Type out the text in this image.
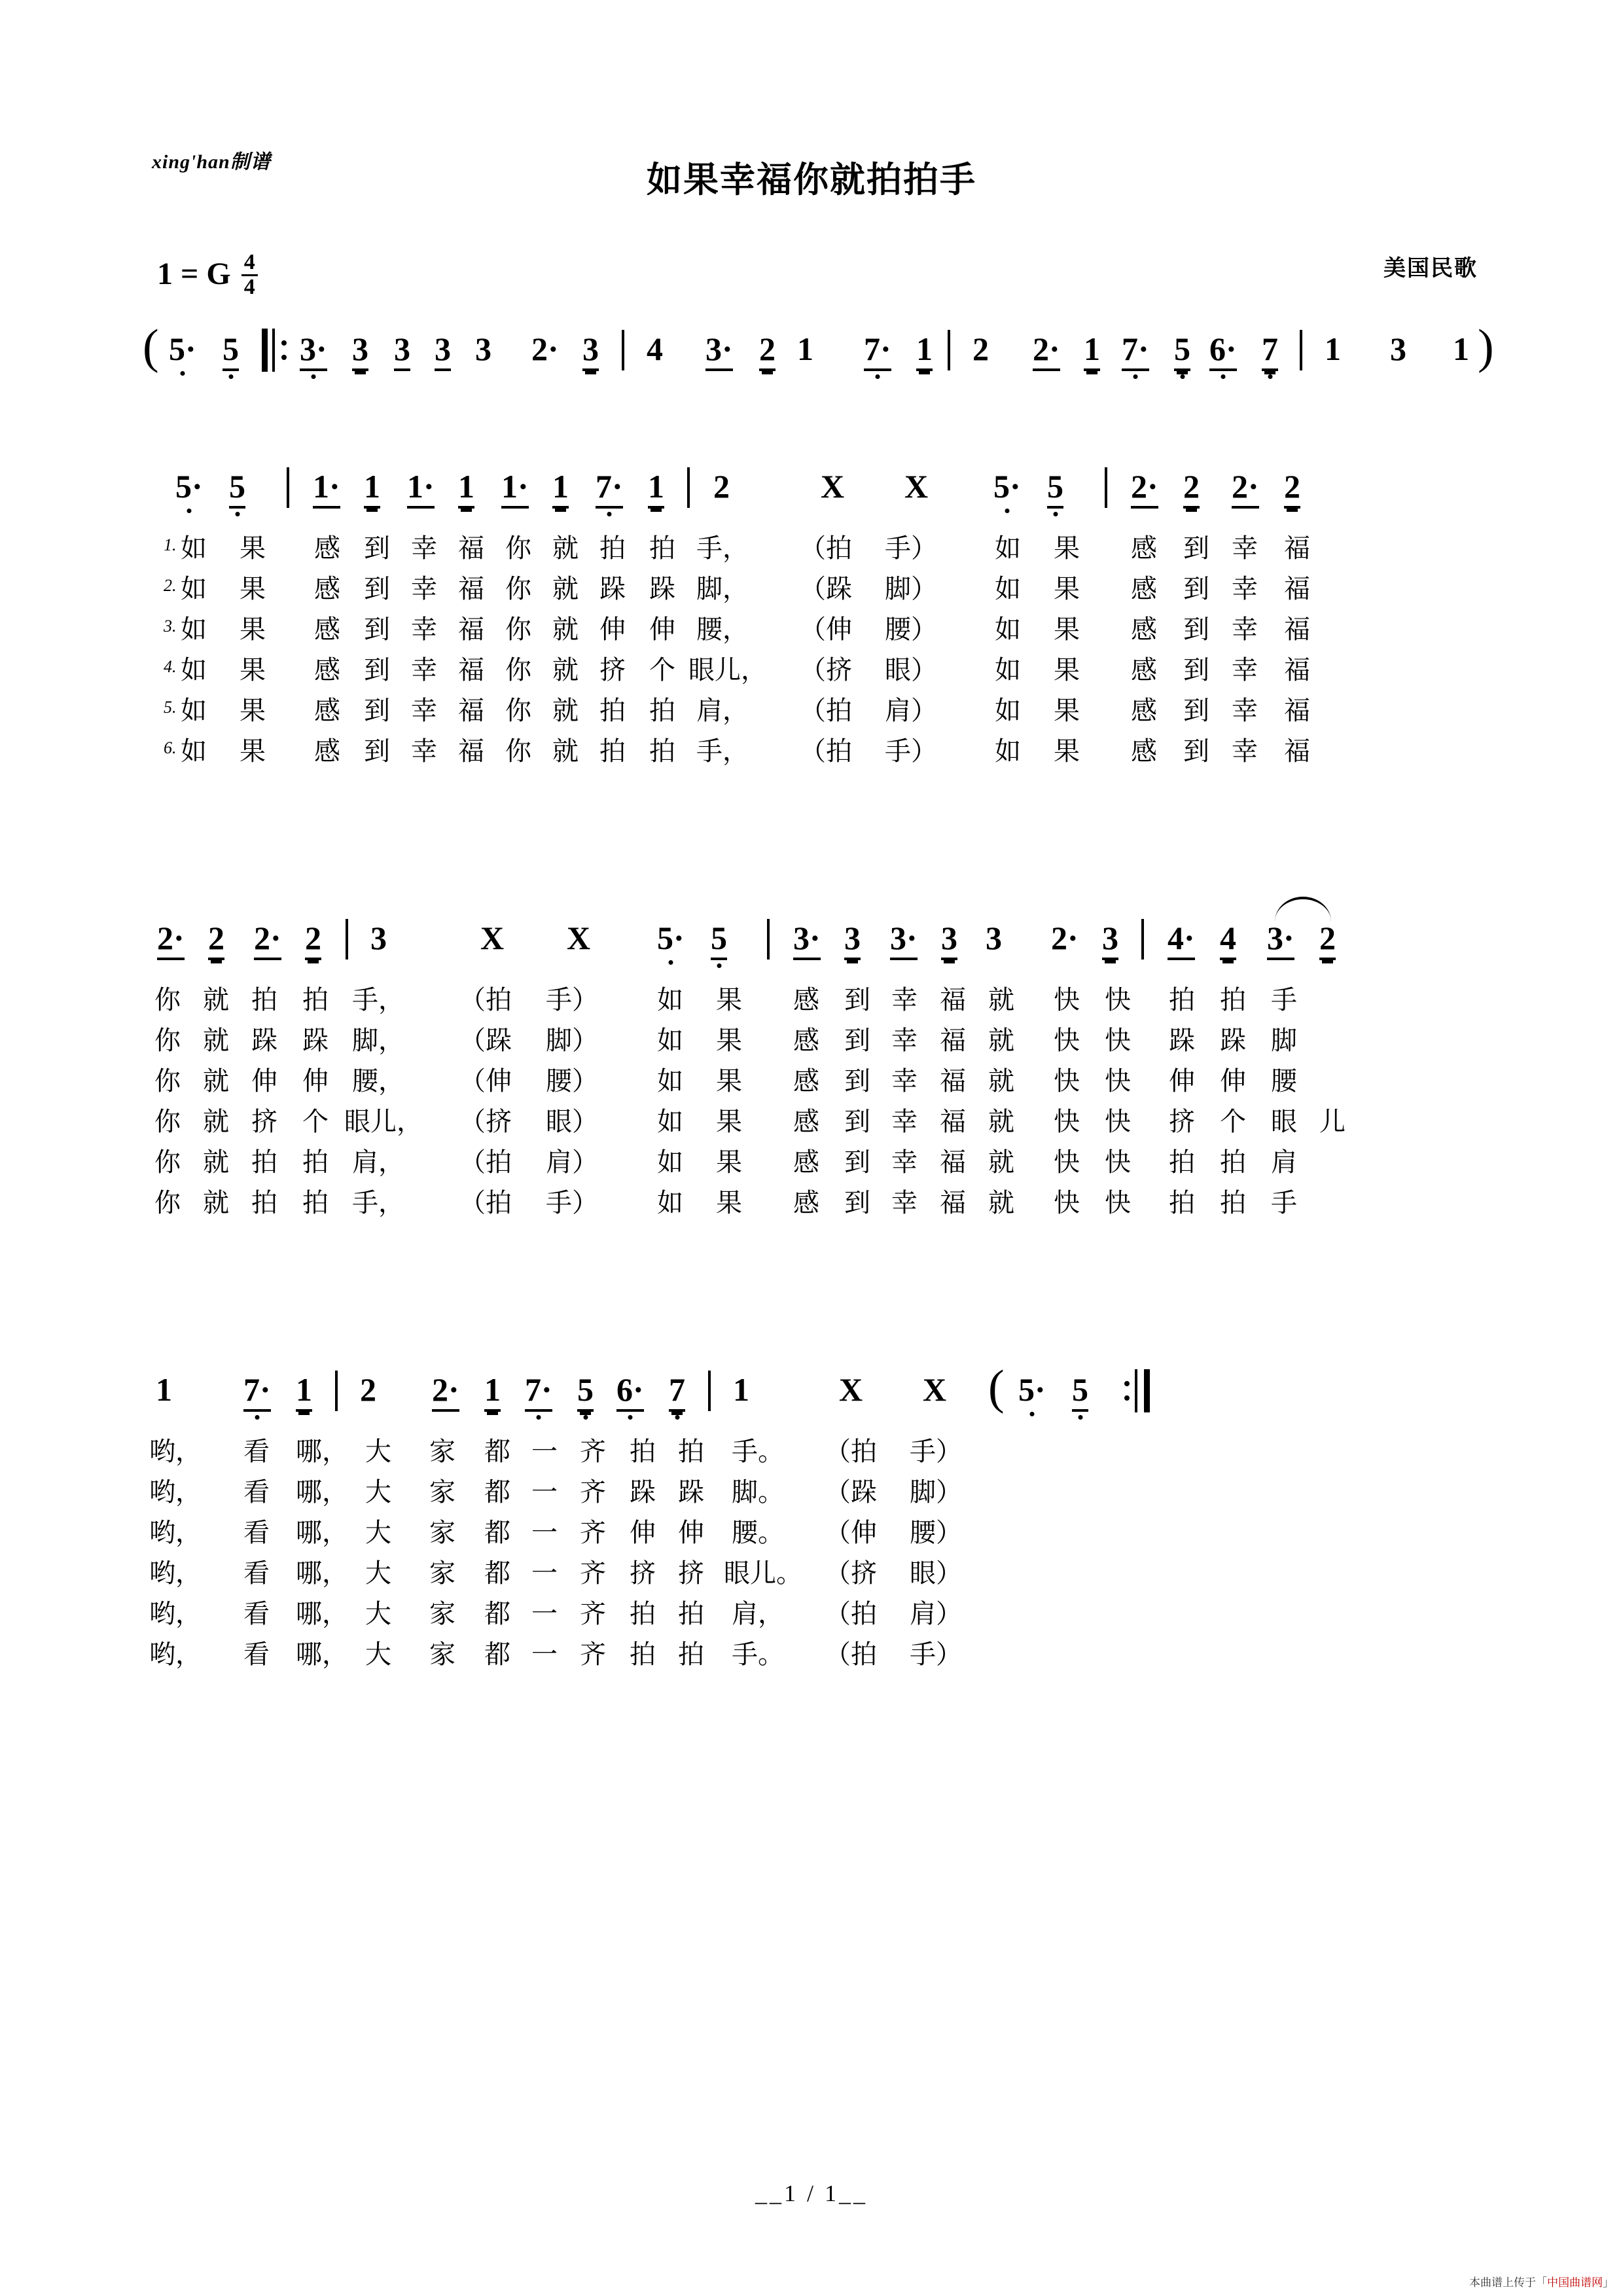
xing'han制谱	如果幸福你就拍拍手
美国民歌
1 = G $\frac{4}{4}$
( 5· 5 3· 3 3 3 3 2· 3 4 3· 2 1 7· 1 2 2· 1 7· 5 6· 7 1 3 1 )
5· 5 1· 1 1· 1 1· 1 7· 1 2	X X 5· 5 2· 2 2· 2
1. 如 果 感 到 幸 福 你 就 拍 拍 手， （拍 手） 如 果 感 到 幸 福
2. 如 果 感 到 幸 福 你 就 跺 跺 脚， （跺 脚） 如 果 感 到 幸 福
3. 如 果 感 到 幸 福 你 就 伸 伸 腰， （伸 腰） 如 果 感 到 幸 福
4. 如 果 感 到 幸 福 你 就 挤 个 眼儿， （挤 眼） 如 果 感 到 幸 福
5. 如 果 感 到 幸 福 你 就 拍 拍 肩， （拍 肩） 如 果 感 到 幸 福
6. 如 果 感 到 幸 福 你 就 拍 拍 手， （拍 手） 如 果 感 到 幸 福
2· 2 2· 2 3	X X 5· 5 3· 3 3· 3 3 2· 3 4· 4 3· 2
你 就 拍 拍 手， （拍 手） 如 果 感 到 幸 福 就 快 快 拍 拍 手
你 就 跺 跺 脚， （跺 脚） 如 果 感 到 幸 福 就 快 快 跺 跺 脚
你 就 伸 伸 腰， （伸 腰） 如 果 感 到 幸 福 就 快 快 伸 伸 腰
你 就 挤 个 眼儿， （挤 眼） 如 果 感 到 幸 福 就 快 快 挤 个 眼 儿
你 就 拍 拍 肩， （拍 肩） 如 果 感 到 幸 福 就 快 快 拍 拍 肩
你 就 拍 拍 手， （拍 手） 如 果 感 到 幸 福 就 快 快 拍 拍 手
1 7· 1 2 2· 1 7· 5 6· 7 1	X X ( 5· 5
哟， 看 哪， 大 家 都 一 齐 拍 拍 手。 （拍 手）
哟， 看 哪， 大 家 都 一 齐 跺 跺 脚。 （跺 脚）
哟， 看 哪， 大 家 都 一 齐 伸 伸 腰。 （伸 腰）
哟， 看 哪， 大 家 都 一 齐 挤 挤 眼儿。 （挤 眼）
哟， 看 哪， 大 家 都 一 齐 拍 拍 肩， （拍 肩）
哟， 看 哪， 大 家 都 一 齐 拍 拍 手。 （拍 手）
__1 / 1__
本曲谱上传于「中国曲谱网」
